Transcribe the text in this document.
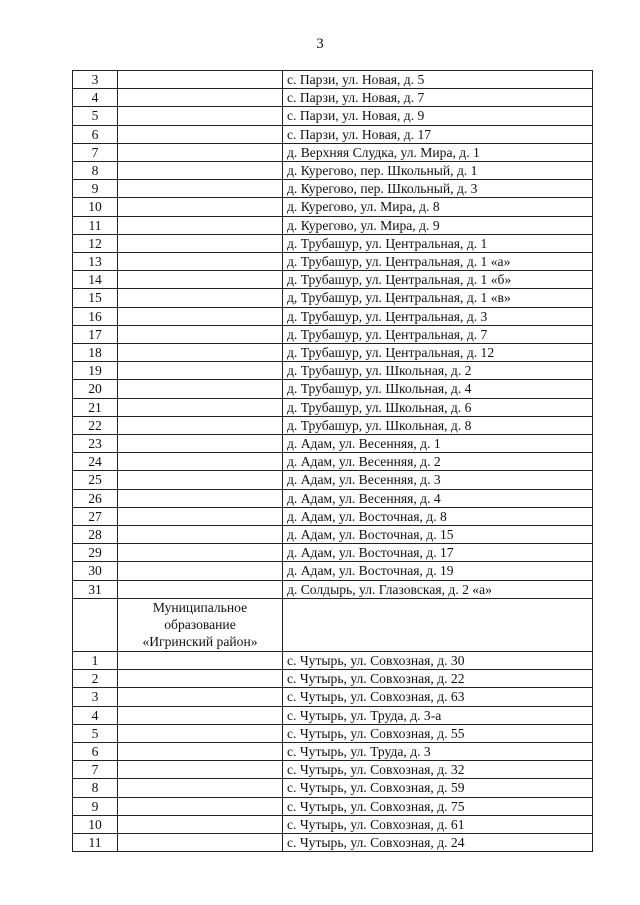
3
3		с. Парзи, ул. Новая, д. 5
4		с. Парзи, ул. Новая, д. 7
5		с. Парзи, ул. Новая, д. 9
6		с. Парзи, ул. Новая, д. 17
7		д. Верхняя Слудка, ул. Мира, д. 1
8		д. Курегово, пер. Школьный, д. 1
9		д. Курегово, пер. Школьный, д. 3
10		д. Курегово, ул. Мира, д. 8
11		д. Курегово, ул. Мира, д. 9
12		д. Трубашур, ул. Центральная, д. 1
13		д. Трубашур, ул. Центральная, д. 1 «а»
14		д. Трубашур, ул. Центральная, д. 1 «б»
15		д, Трубашур, ул. Центральная, д. 1 «в»
16		д. Трубашур, ул. Центральная, д. 3
17		д. Трубашур, ул. Центральная, д. 7
18		д. Трубашур, ул. Центральная, д. 12
19		д. Трубашур, ул. Школьная, д. 2
20		д. Трубашур, ул. Школьная, д. 4
21		д. Трубашур, ул. Школьная, д. 6
22		д. Трубашур, ул. Школьная, д. 8
23		д. Адам, ул. Весенняя, д. 1
24		д. Адам, ул. Весенняя, д. 2
25		д. Адам, ул. Весенняя, д. 3
26		д. Адам, ул. Весенняя, д. 4
27		д. Адам, ул. Восточная, д. 8
28		д. Адам, ул. Восточная, д. 15
29		д. Адам, ул. Восточная, д. 17
30		д. Адам, ул. Восточная, д. 19
31		д. Солдырь, ул. Глазовская, д. 2 «а»

	Муниципальное
образование
«Игринский район»	

1		с. Чутырь, ул. Совхозная, д. 30
2		с. Чутырь, ул. Совхозная, д. 22
3		с. Чутырь, ул. Совхозная, д. 63
4		с. Чутырь, ул. Труда, д. 3-а
5		с. Чутырь, ул. Совхозная, д. 55
6		с. Чутырь, ул. Труда, д. 3
7		с. Чутырь, ул. Совхозная, д. 32
8		с. Чутырь, ул. Совхозная, д. 59
9		с. Чутырь, ул. Совхозная, д. 75
10		с. Чутырь, ул. Совхозная, д. 61
11		с. Чутырь, ул. Совхозная, д. 24
